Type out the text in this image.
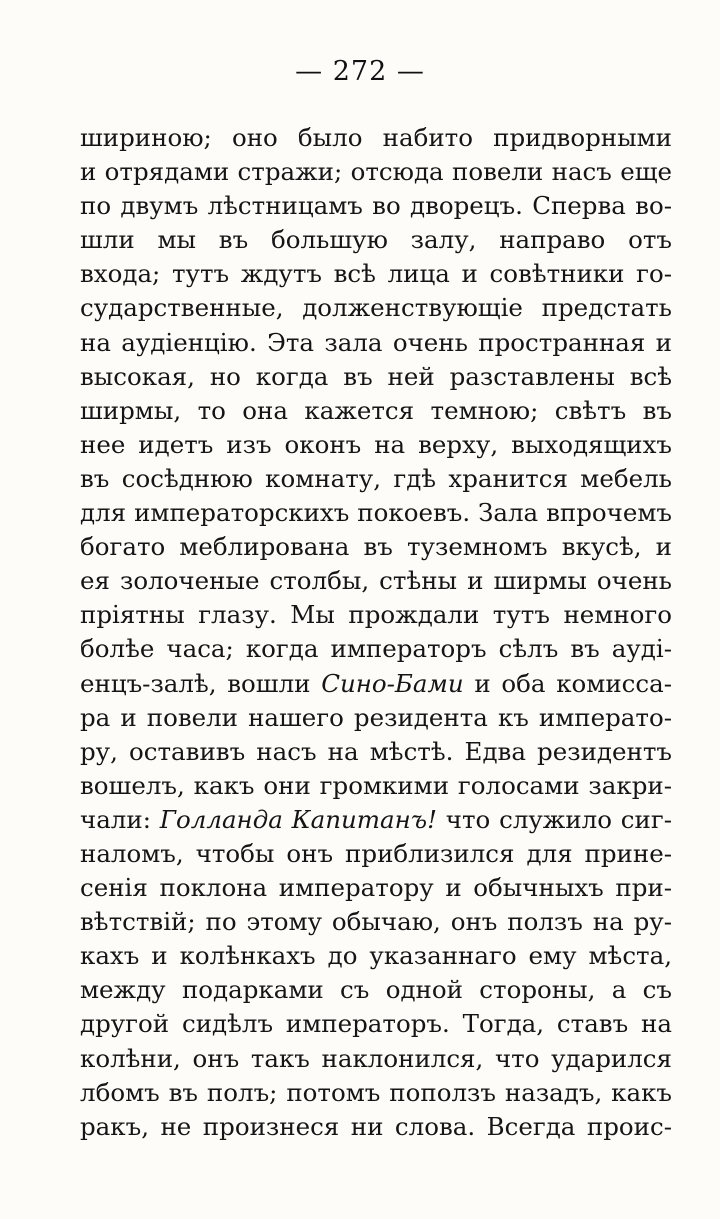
— 272 —
шириною; оно было набито придворными
и отрядами стражи; отсюда повели насъ еще
по двумъ лѣстницамъ во дворецъ. Сперва во-
шли мы въ большую залу, направо отъ
входа; тутъ ждутъ всѣ лица и совѣтники го-
сударственные, долженствующіе предстать
на аудіенцію. Эта зала очень пространная и
высокая, но когда въ ней разставлены всѣ
ширмы, то она кажется темною; свѣтъ въ
нее идетъ изъ оконъ на верху, выходящихъ
въ сосѣднюю комнату, гдѣ хранится мебель
для императорскихъ покоевъ. Зала впрочемъ
богато меблирована въ туземномъ вкусѣ, и
ея золоченые столбы, стѣны и ширмы очень
пріятны глазу. Мы прождали тутъ немного
болѣе часа; когда императоръ сѣлъ въ ауді-
енцъ-залѣ, вошли Сино-Бами и оба комисса-
ра и повели нашего резидента къ императо-
ру, оставивъ насъ на мѣстѣ. Едва резидентъ
вошелъ, какъ они громкими голосами закри-
чали: Голланда Капитанъ! что служило сиг-
наломъ, чтобы онъ приблизился для прине-
сенія поклона императору и обычныхъ при-
вѣтствій; по этому обычаю, онъ ползъ на ру-
кахъ и колѣнкахъ до указаннаго ему мѣста,
между подарками съ одной стороны, а съ
другой сидѣлъ императоръ. Тогда, ставъ на
колѣни, онъ такъ наклонился, что ударился
лбомъ въ полъ; потомъ поползъ назадъ, какъ
ракъ, не произнеся ни слова. Всегда проис-
